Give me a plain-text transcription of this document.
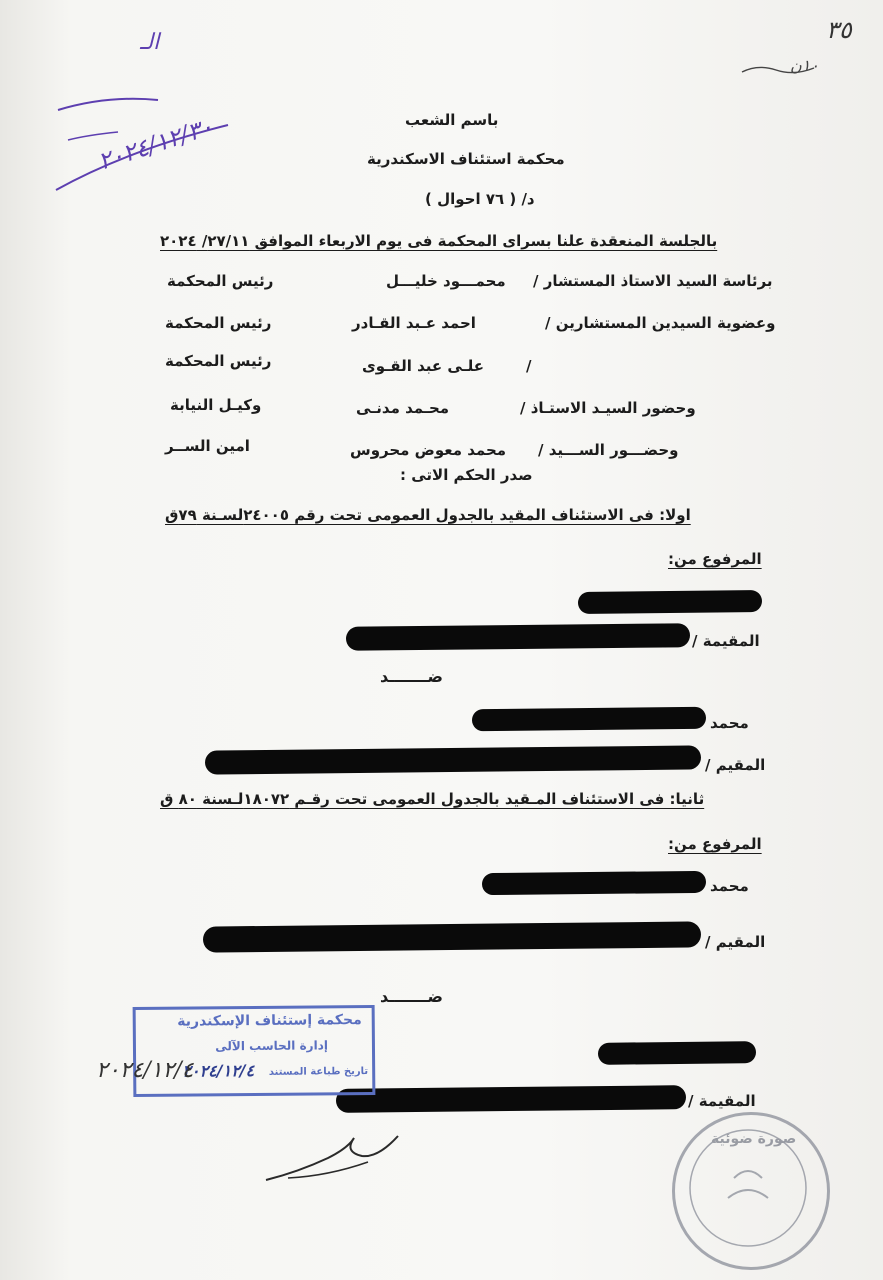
٣٥
١٠ن
الـ
٢٠٢٤/١٢/٣٠	باسم الشعب
محكمة استئناف الاسكندرية
د/ ( ٧٦ احوال )
بالجلسة المنعقدة علنا بسراى المحكمة فى يوم الاربعاء الموافق ٢٧/١١/ ٢٠٢٤
برئاسة السيد الاستاذ المستشار /
محمـــود خليـــل
رئيس المحكمة
وعضوية السيدين المستشارين /
احمد عـبد القـادر
رئيس المحكمة
/
علـى عبد القـوى
رئيس المحكمة
وحضور السيـد الاستـاذ /
محـمد مدنـى
وكيـل النيابة
وحضـــور الســـيد /
محمد معوض محروس
امين الســر
صدر الحكم الاتى :
اولا: فى الاستئناف المقيد بالجدول العمومى تحت رقم ٢٤٠٠٥لسـنة ٧٩ق
المرفوع من:
المقيمة /
ضـــــــد
محمد
المقيم /
ثانيا: فى الاستئناف المـقيد بالجدول العمومى تحت رقـم ١٨٠٧٢لـسنة ٨٠ ق
المرفوع من:
محمد
المقيم /
ضـــــــد
المقيمة /
محكمة إستئناف الإسكندرية
إدارة الحاسب الآلى
تاريخ طباعة المستند
٢٠٢٤/١٢/٤
٢٠٢٤/١٢/٤
صورة ضوئية
